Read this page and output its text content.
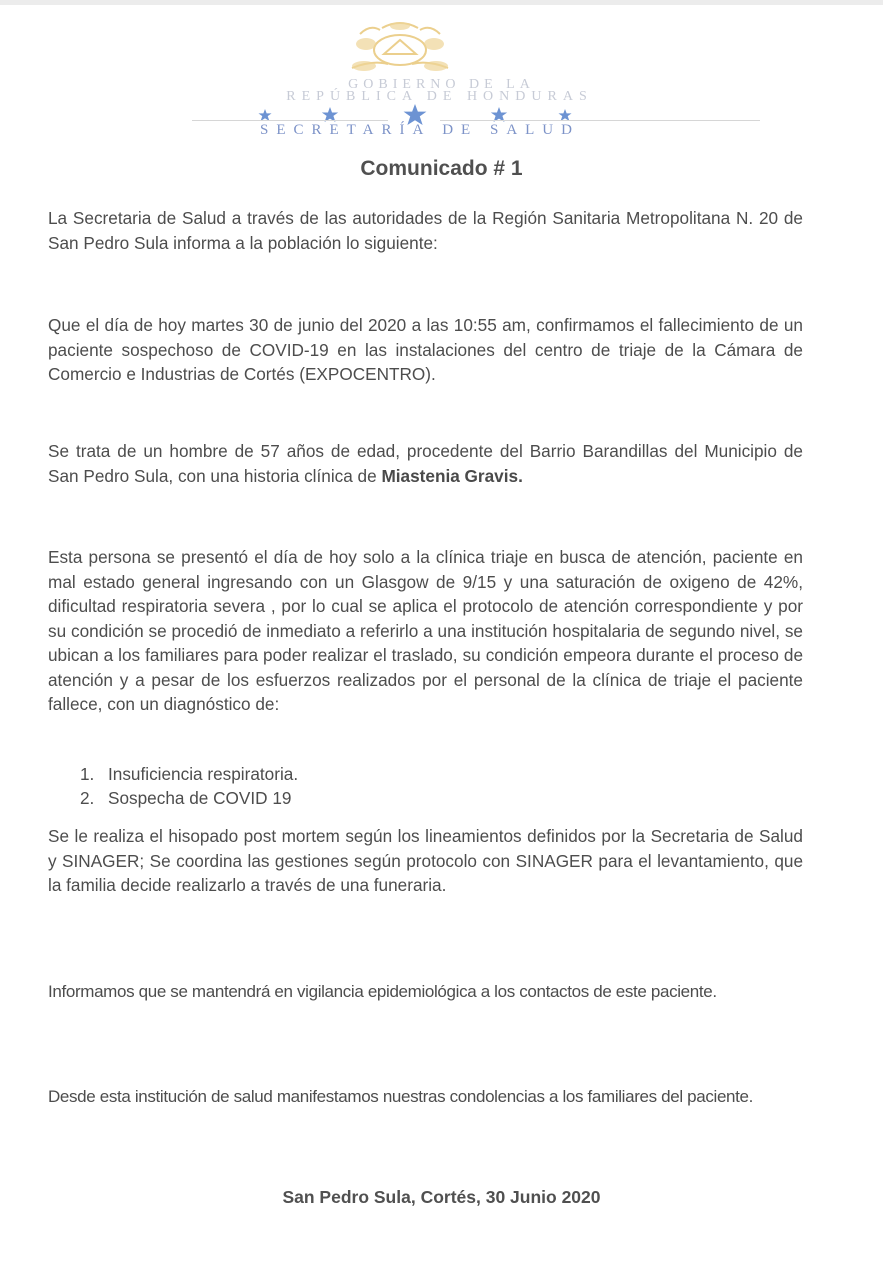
GOBIERNO DE LA
REPÚBLICA DE HONDURAS
SECRETARÍA DE SALUD
Comunicado # 1

La Secretaria de Salud a través de las autoridades de la Región Sanitaria Metropolitana N. 20 de San Pedro Sula informa a la población lo siguiente:

Que el día de hoy martes 30 de junio del 2020 a las 10:55 am, confirmamos el fallecimiento de un paciente sospechoso de COVID-19 en las instalaciones del centro de triaje de la Cámara de Comercio e Industrias de Cortés (EXPOCENTRO).

Se trata de un hombre de 57 años de edad, procedente del Barrio Barandillas del Municipio de San Pedro Sula, con una historia clínica de Miastenia Gravis.

Esta persona se presentó el día de hoy solo a la clínica triaje en busca de atención, paciente en mal estado general ingresando con un Glasgow de 9/15 y una saturación de oxigeno de 42%, dificultad respiratoria severa , por lo cual se aplica el protocolo de atención correspondiente y por su condición se procedió de inmediato a referirlo a una institución hospitalaria de segundo nivel, se ubican a los familiares para poder realizar el traslado, su condición empeora durante el proceso de atención y a pesar de los esfuerzos realizados por el personal de la clínica de triaje el paciente fallece, con un diagnóstico de:

1. Insuficiencia respiratoria.
2. Sospecha de COVID 19

Se le realiza el hisopado post mortem según los lineamientos definidos por la Secretaria de Salud y SINAGER; Se coordina las gestiones según protocolo con SINAGER para el levantamiento, que la familia decide realizarlo a través de una funeraria.

Informamos que se mantendrá en vigilancia epidemiológica a los contactos de este paciente.

Desde esta institución de salud manifestamos nuestras condolencias a los familiares del paciente.

San Pedro Sula, Cortés, 30 Junio 2020
